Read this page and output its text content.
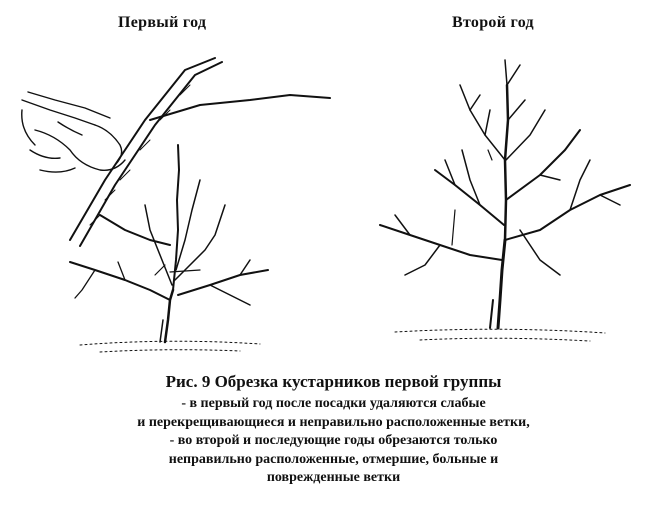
Первый год	Второй год
Рис. 9 Обрезка кустарников первой группы
- в первый год после посадки удаляются слабые
и перекрещивающиеся и неправильно расположенные ветки,
- во второй и последующие годы обрезаются только
неправильно расположенные, отмершие, больные и
поврежденные ветки
